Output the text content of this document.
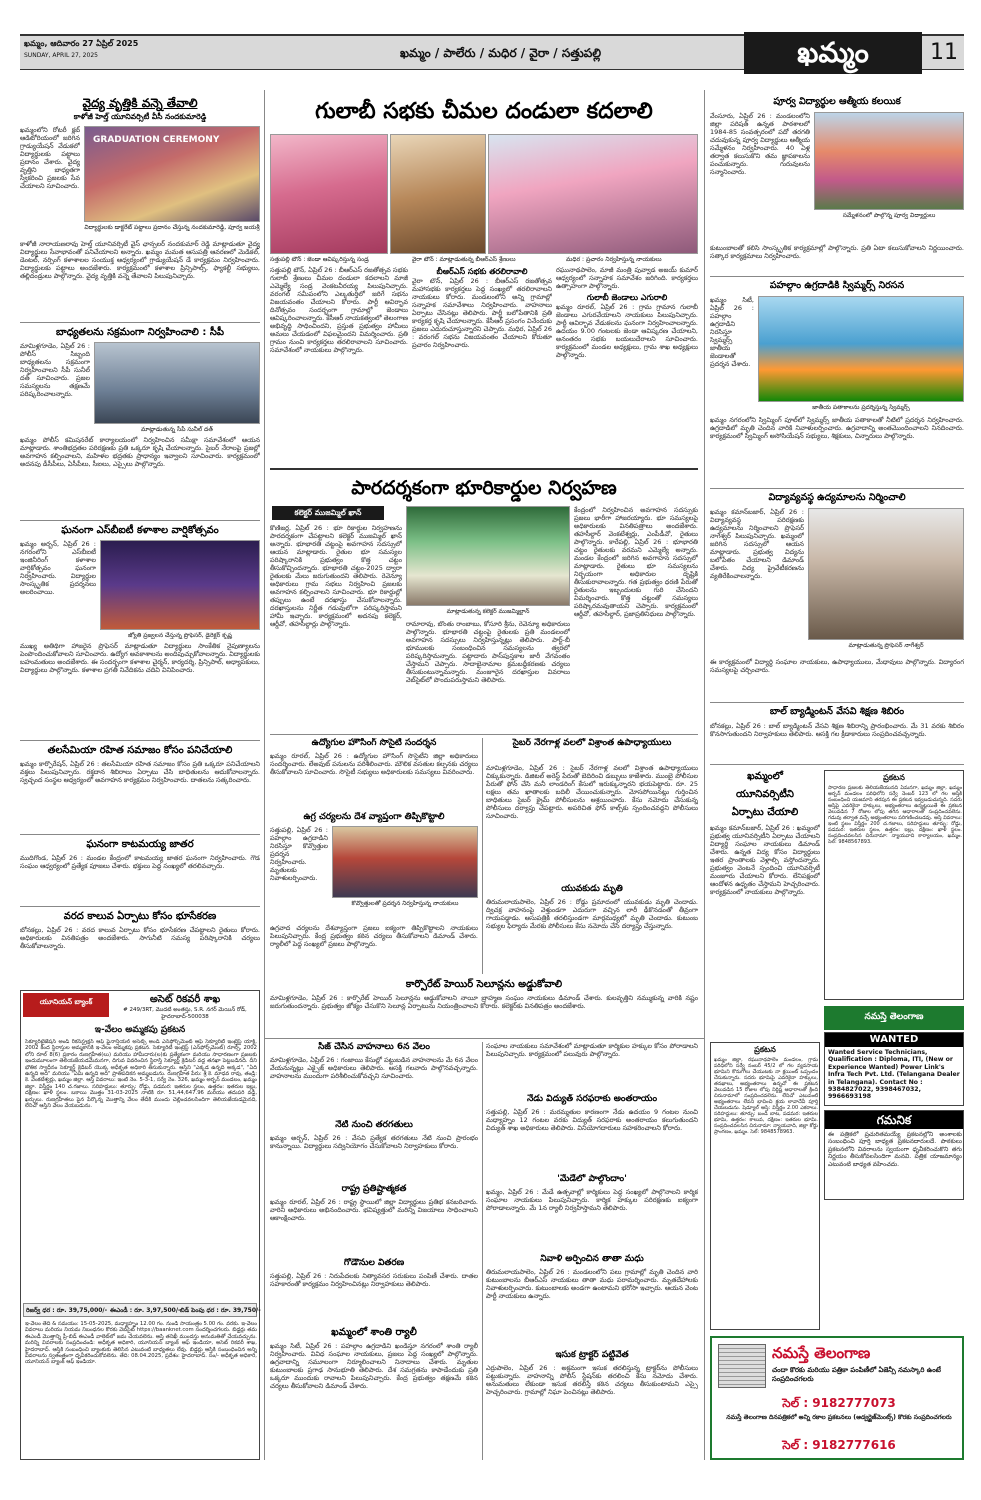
ఖమ్మం, ఆదివారం 27 ఏప్రిల్ 2025
SUNDAY, APRIL 27, 2025	ఖమ్మం / పాలేరు / మధిర / వైరా / సత్తుపల్లి	ఖమ్మం	11
వైద్య వృత్తికి వన్నె తేవాలి
కాళోజీ హెల్త్ యూనివర్సిటీ వీసీ నందకుమారెడ్డి
ఖమ్మంలోని రోటరీ క్లబ్ ఆడిటోరియంలో జరిగిన గ్రాడ్యుయేషన్ వేడుకలో విద్యార్థులకు పట్టాలు ప్రదానం చేశారు. వైద్య వృత్తిని బాధ్యతగా స్వీకరించి ప్రజలకు సేవ చేయాలని సూచించారు.
GRADUATION CEREMONY
విద్యార్థులకు డాక్టరేట్ పట్టాలు ప్రదానం చేస్తున్న నందకుమారెడ్డి, పూర్వ జయశ్రీ
కాళోజీ నారాయణరావు హెల్త్ యూనివర్సిటీ వైస్ ఛాన్సలర్ నందకుమార్ రెడ్డి మాట్లాడుతూ వైద్య విద్యార్థులు సేవాభావంతో పనిచేయాలని అన్నారు. ఖమ్మం మమత ఆసుపత్రి ఆవరణలో మెడికల్, డెంటల్, నర్సింగ్ కళాశాలల సంయుక్త ఆధ్వర్యంలో గ్రాడ్యుయేషన్ డే కార్యక్రమం నిర్వహించారు. విద్యార్థులకు పట్టాలు అందజేశారు. కార్యక్రమంలో కళాశాల ప్రిన్సిపాల్స్, ఫ్యాకల్టీ సభ్యులు, తల్లిదండ్రులు పాల్గొన్నారు. వైద్య వృత్తికి వన్నె తేవాలని పిలుపునిచ్చారు.
బాధ్యతలను సక్రమంగా నిర్వహించాలి : సీపీ
మామిళ్లగూడెం, ఏప్రిల్ 26 : పోలీస్ సిబ్బంది బాధ్యతలను సక్రమంగా నిర్వహించాలని సీపీ సునీల్ దత్ సూచించారు. ప్రజల సమస్యలను తక్షణమే పరిష్కరించాలన్నారు.
మాట్లాడుతున్న సీపీ సునీల్ దత్
ఖమ్మం పోలీస్ కమిషనరేట్ కార్యాలయంలో నిర్వహించిన సమీక్షా సమావేశంలో ఆయన మాట్లాడారు. శాంతిభద్రతల పరిరక్షణకు ప్రతి ఒక్కరూ కృషి చేయాలన్నారు. సైబర్ నేరాలపై ప్రజల్లో అవగాహన కల్పించాలని, మహిళల భద్రతకు ప్రాధాన్యం ఇవ్వాలని సూచించారు. కార్యక్రమంలో అదనపు డీసీపీలు, ఏసీపీలు, సీఐలు, ఎస్సైలు పాల్గొన్నారు.
ఘనంగా ఎస్‌బీఐటీ కళాశాల వార్షికోత్సవం
ఖమ్మం అర్బన్, ఏప్రిల్ 26 : నగరంలోని ఎస్‌బీఐటీ ఇంజినీరింగ్ కళాశాల వార్షికోత్సవం ఘనంగా నిర్వహించారు. విద్యార్థుల సాంస్కృతిక ప్రదర్శనలు అలరించాయి.
జ్యోతి ప్రజ్వలన చేస్తున్న ప్రొఫెసర్, డైరెక్టర్ కృష్ణ
ముఖ్య అతిథిగా హాజరైన ప్రొఫెసర్ మాట్లాడుతూ విద్యార్థులు సాంకేతిక నైపుణ్యాలను పెంపొందించుకోవాలని సూచించారు. ఉద్యోగ అవకాశాలను అందిపుచ్చుకోవాలన్నారు. విద్యార్థులకు బహుమతులు అందజేశారు. ఈ సందర్భంగా కళాశాల చైర్మన్, కార్యదర్శి, ప్రిన్సిపాల్, అధ్యాపకులు, విద్యార్థులు పాల్గొన్నారు. కళాశాల ప్రగతి నివేదికను చదివి వినిపించారు.
తలసేమియా రహిత సమాజం కోసం పనిచేయాలి
ఖమ్మం కార్పొరేషన్, ఏప్రిల్ 26 : తలసేమియా రహిత సమాజం కోసం ప్రతి ఒక్కరూ పనిచేయాలని వక్తలు పిలుపునిచ్చారు. రక్తదాన శిబిరాలు ఏర్పాటు చేసి బాధితులను ఆదుకోవాలన్నారు. స్వచ్ఛంద సంస్థల ఆధ్వర్యంలో అవగాహన కార్యక్రమం నిర్వహించారు. దాతలను సత్కరించారు.
ఘనంగా కాటమయ్య జాతర
ముదిగొండ, ఏప్రిల్ 26 : మండల కేంద్రంలో కాటమయ్య జాతర ఘనంగా నిర్వహించారు. గౌడ సంఘం ఆధ్వర్యంలో ప్రత్యేక పూజలు చేశారు. భక్తులు పెద్ద సంఖ్యలో తరలివచ్చారు.
వరద కాలువ ఏర్పాటు కోసం భూసేకరణ
బోనకల్లు, ఏప్రిల్ 26 : వరద కాలువ ఏర్పాటు కోసం భూసేకరణ చేపట్టాలని రైతులు కోరారు. అధికారులకు వినతిపత్రం అందజేశారు. సాగునీటి సమస్య పరిష్కారానికి చర్యలు తీసుకోవాలన్నారు.
యూనియన్ బ్యాంక్	అసెట్ రికవరీ శాఖ
# 249/3RT, మొదటి అంతస్తు, S.R. నగర్ మెయిన్ రోడ్, హైదరాబాద్-500038
ఇ-వేలం అమ్మకపు ప్రకటన
సెక్యూరిటైజేషన్ అండ్ రీకన్‌స్ట్రక్షన్ ఆఫ్ ఫైనాన్షియల్ అసెట్స్ అండ్ ఎన్‌ఫోర్స్‌మెంట్ ఆఫ్ సెక్యూరిటీ ఇంట్రెస్ట్ యాక్ట్, 2002 కింద స్థిరాస్తుల అమ్మకానికి ఇ-వేలం అమ్మకపు ప్రకటన. సెక్యూరిటీ ఇంట్రెస్ట్ (ఎన్‌ఫోర్స్‌మెంట్) రూల్స్, 2002 లోని రూల్ 8(6) ప్రకారం రుణగ్రహీత(లు) మరియు హామీదారు(ల)కు ప్రత్యేకంగా మరియు సాధారణంగా ప్రజలకు ఇందుమూలంగా తెలియజేయడమేమనగా, దిగువ వివరించిన స్థిరాస్తి సెక్యూర్డ్ క్రెడిటర్ వద్ద తనఖా పెట్టబడినది. దీని భౌతిక స్వాధీనం సెక్యూర్డ్ క్రెడిటర్ యొక్క అధీకృత అధికారి తీసుకున్నారు. ఆస్తిని "ఎక్కడ ఉన్నది అక్కడ", "ఏది ఉన్నది అది" మరియు "ఏమి ఉన్నది అది" ప్రాతిపదికన అమ్మబడును. రుణగ్రహీత పేరు: శ్రీ కె. మాధవ రావు, తండ్రి: కె. వెంకటేశ్వర్లు, ఖమ్మం జిల్లా. ఆస్తి వివరాలు: ఇంటి నెం. 5-3-1, సర్వే నెం. 326, ఖమ్మం అర్బన్ మండలం, ఖమ్మం జిల్లా. విస్తీర్ణం 140 చ.గజాలు. సరిహద్దులు: తూర్పు: రోడ్డు, పడమర: ఇతరుల స్థలం, ఉత్తరం: ఇతరుల ఇల్లు, దక్షిణం: ఖాళీ స్థలం. బకాయి మొత్తం 31-03-2025 నాటికి రూ. 51,44,647.96 మరియు తదుపరి వడ్డీ, ఖర్చులు. రుణగ్రహీతలు పైన పేర్కొన్న మొత్తాన్ని వేలం తేదీకి ముందు చెల్లించవలసిందిగా తెలియజేయడమైనది, లేనిచో ఆస్తిని వేలం వేయబడును.
రిజర్వ్ ధర : రూ. 39,75,000/- ఈఎండీ : రూ. 3,97,500/- బిడ్ పెంపు ధర : రూ. 39,750/-
ఇ-వేలం తేది & సమయం: 15-05-2025, మధ్యాహ్నం 12.00 గం. నుండి సాయంత్రం 5.00 గం. వరకు. ఇ-వేలం వివరాలు మరియు నియమ నిబంధనల కొరకు వెబ్‌సైట్ https://baanknet.com సందర్శించగలరు. బిడ్డర్లు తమ ఈఎండీ మొత్తాన్ని ప్రీ-బిడ్ ఈఎండీ వాలెట్‌లో జమ చేయవలెను. ఆస్తి తనిఖీ ముందస్తు అనుమతితో చేయవచ్చును. మరిన్ని వివరాలకు సంప్రదించండి: అధీకృత అధికారి, యూనియన్ బ్యాంక్ ఆఫ్ ఇండియా, అసెట్ రికవరీ శాఖ, హైదరాబాద్. ఆస్తికి సంబంధించి బ్యాంకుకు తెలిసిన ఎటువంటి బాధ్యతలు లేవు. బిడ్డర్లు ఆస్తికి సంబంధించిన అన్ని వివరాలను స్వతంత్రంగా ధృవీకరించుకోవలెను. తేది: 08.04.2025, ప్రదేశం: హైదరాబాద్. సం/- అధీకృత అధికారి, యూనియన్ బ్యాంక్ ఆఫ్ ఇండియా.
గులాబీ సభకు చీమల దండులా కదలాలి
సత్తుపల్లి టౌన్ : జెండా ఆవిష్కరిస్తున్న సండ్ర	వైరా టౌన్ : మాట్లాడుతున్న బీఆర్ఎస్ శ్రేణులు	మధిర : ప్రచారం నిర్వహిస్తున్న నాయకులు
సత్తుపల్లి టౌన్, ఏప్రిల్ 26 : బీఆర్ఎస్ రజతోత్సవ సభకు గులాబీ శ్రేణులు చీమల దండులా కదలాలని మాజీ ఎమ్మెల్యే సండ్ర వెంకటవీరయ్య పిలుపునిచ్చారు. వరంగల్ సమీపంలోని ఎల్కతుర్తిలో జరిగే సభను విజయవంతం చేయాలని కోరారు. పార్టీ ఆవిర్భావ దినోత్సవం సందర్భంగా గ్రామాల్లో జెండాలు ఆవిష్కరించాలన్నారు. కేసీఆర్ నాయకత్వంలో తెలంగాణ అభివృద్ధి సాధించిందని, ప్రస్తుత ప్రభుత్వం హామీలు అమలు చేయడంలో విఫలమైందని విమర్శించారు. ప్రతి గ్రామం నుంచి కార్యకర్తలు తరలిరావాలని సూచించారు. సమావేశంలో నాయకులు పాల్గొన్నారు.
బీఆర్ఎస్ సభకు తరలిరావాలి
వైరా టౌన్, ఏప్రిల్ 26 : బీఆర్ఎస్ రజతోత్సవ మహాసభకు కార్యకర్తలు పెద్ద సంఖ్యలో తరలిరావాలని నాయకులు కోరారు. మండలంలోని అన్ని గ్రామాల్లో సన్నాహక సమావేశాలు నిర్వహించారు. వాహనాలు ఏర్పాటు చేసినట్లు తెలిపారు. పార్టీ బలోపేతానికి ప్రతి కార్యకర్త కృషి చేయాలన్నారు. కేసీఆర్ ప్రసంగం వినేందుకు ప్రజలు ఎదురుచూస్తున్నారని చెప్పారు. మధిర, ఏప్రిల్ 26 : వరంగల్ సభను విజయవంతం చేయాలని కోరుతూ ప్రచారం నిర్వహించారు.
రఘునాథపాలెం, మాజీ మంత్రి పువ్వాడ అజయ్ కుమార్ ఆధ్వర్యంలో సన్నాహక సమావేశం జరిగింది. కార్యకర్తలు ఉత్సాహంగా పాల్గొన్నారు.
గులాబీ జెండాలు ఎగురాలి
ఖమ్మం రూరల్, ఏప్రిల్ 26 : గ్రామ గ్రామాన గులాబీ జెండాలు ఎగురవేయాలని నాయకులు పిలుపునిచ్చారు. పార్టీ ఆవిర్భావ వేడుకలను ఘనంగా నిర్వహించాలన్నారు. ఉదయం 9.00 గంటలకు జెండా ఆవిష్కరణ చేయాలని, అనంతరం సభకు బయలుదేరాలని సూచించారు. కార్యక్రమంలో మండల అధ్యక్షులు, గ్రామ శాఖ అధ్యక్షులు పాల్గొన్నారు.
పారదర్శకంగా భూరికార్డుల నిర్వహణ
కలెక్టర్ ముజమ్మిల్ ఖాన్
కొణిజర్ల, ఏప్రిల్ 26 : భూ రికార్డుల నిర్వహణను పారదర్శకంగా చేపట్టాలని కలెక్టర్ ముజమ్మిల్ ఖాన్ అన్నారు. భూభారతి చట్టంపై అవగాహన సదస్సులో ఆయన మాట్లాడారు. రైతుల భూ సమస్యల పరిష్కారానికి ప్రభుత్వం కొత్త చట్టం తీసుకొచ్చిందన్నారు. భూభారతి చట్టం-2025 ద్వారా రైతులకు మేలు జరుగుతుందని తెలిపారు. రెవెన్యూ అధికారులు గ్రామ సభలు నిర్వహించి ప్రజలకు అవగాహన కల్పించాలని సూచించారు. భూ రికార్డుల్లో తప్పులు ఉంటే దరఖాస్తు చేసుకోవాలన్నారు. దరఖాస్తులను నిర్ణీత గడువులోగా పరిష్కరిస్తామని హామీ ఇచ్చారు. కార్యక్రమంలో అదనపు కలెక్టర్, ఆర్డీవో, తహసీల్దార్లు పాల్గొన్నారు.
మాట్లాడుతున్న కలెక్టర్ ముజమ్మిల్ఖాన్
రామారావు, బొంతు రాంబాబు, కోసూరి శ్రీను, రెవెన్యూ అధికారులు పాల్గొన్నారు. భూభారతి చట్టంపై రైతులకు ప్రతి మండలంలో అవగాహన సదస్సులు నిర్వహిస్తున్నట్లు తెలిపారు. పార్ట్-బీ భూములకు సంబంధించిన సమస్యలను త్వరలో పరిష్కరిస్తామన్నారు. పట్టాదారు పాస్‌పుస్తకాల జారీ వేగవంతం చేస్తామని చెప్పారు. సాదాబైనామాల క్రమబద్ధీకరణకు చర్యలు తీసుకుంటున్నామన్నారు. మంజూరైన దరఖాస్తుల వివరాలు వెబ్‌సైట్‌లో పొందుపరుస్తామని తెలిపారు.
కేంద్రంలో నిర్వహించిన అవగాహన సదస్సుకు ప్రజలు భారీగా హాజరయ్యారు. భూ సమస్యలపై అధికారులకు వినతిపత్రాలు అందజేశారు. తహసీల్దార్ వెంకటేశ్వర్లు, ఎంపీడీవో, రైతులు పాల్గొన్నారు. కారేపల్లి, ఏప్రిల్ 26 : భూభారతి చట్టం రైతులకు వరమని ఎమ్మెల్యే అన్నారు. మండల కేంద్రంలో జరిగిన అవగాహన సదస్సులో మాట్లాడారు. రైతులు భూ సమస్యలను నిర్భయంగా అధికారుల దృష్టికి తీసుకురావాలన్నారు. గత ప్రభుత్వం ధరణి పేరుతో రైతులను ఇబ్బందులకు గురి చేసిందని విమర్శించారు. కొత్త చట్టంతో సమస్యలు పరిష్కారమవుతాయని చెప్పారు. కార్యక్రమంలో ఆర్డీవో, తహసీల్దార్, ప్రజాప్రతినిధులు పాల్గొన్నారు.
ఉద్యోగుల హౌసింగ్ సొసైటీ సందర్శన
ఖమ్మం రూరల్, ఏప్రిల్ 26 : ఉద్యోగుల హౌసింగ్ సొసైటీని జిల్లా అధికారులు సందర్శించారు. లేఅవుట్ పనులను పరిశీలించారు. మౌలిక వసతుల కల్పనకు చర్యలు తీసుకోవాలని సూచించారు. సొసైటీ సభ్యులు అధికారులకు సమస్యలు వివరించారు.
ఉగ్ర చర్యలను దేశ వ్యాప్తంగా తిప్పికొట్టాలి
సత్తుపల్లి, ఏప్రిల్ 26 : పహల్గాం ఉగ్రదాడిని నిరసిస్తూ కొవ్వొత్తుల ప్రదర్శన నిర్వహించారు. మృతులకు నివాళులర్పించారు.
కొవ్వొత్తులతో ప్రదర్శన నిర్వహిస్తున్న నాయకులు
ఉగ్రవాద చర్యలను దేశవ్యాప్తంగా ప్రజలు ఐక్యంగా తిప్పికొట్టాలని నాయకులు పిలుపునిచ్చారు. కేంద్ర ప్రభుత్వం కఠిన చర్యలు తీసుకోవాలని డిమాండ్ చేశారు. ర్యాలీలో పెద్ద సంఖ్యలో ప్రజలు పాల్గొన్నారు.
కార్పొరేట్ హెయిర్ సెలూన్లను అడ్డుకోవాలి
మామిళ్లగూడెం, ఏప్రిల్ 26 : కార్పొరేట్ హెయిర్ సెలూన్లను అడ్డుకోవాలని నాయీ బ్రాహ్మణ సంఘం నాయకులు డిమాండ్ చేశారు. కులవృత్తిని నమ్ముకున్న వారికి నష్టం జరుగుతుందన్నారు. ప్రభుత్వం జోక్యం చేసుకొని సెలూన్ల ఏర్పాటును నియంత్రించాలని కోరారు. కలెక్టర్‌కు వినతిపత్రం అందజేశారు.
సైబర్ నేరగాళ్ల వలలో విశ్రాంత ఉపాధ్యాయులు
మామిళ్లగూడెం, ఏప్రిల్ 26 : సైబర్ నేరగాళ్ల వలలో విశ్రాంత ఉపాధ్యాయులు చిక్కుకున్నారు. డిజిటల్ అరెస్ట్ పేరుతో బెదిరించి డబ్బులు కాజేశారు. ముంబై పోలీసుల పేరుతో ఫోన్ చేసి మనీ లాండరింగ్ కేసులో ఇరుక్కున్నారని భయపెట్టారు. రూ. 25 లక్షలు తమ ఖాతాలకు బదిలీ చేయించుకున్నారు. మోసపోయినట్లు గుర్తించిన బాధితులు సైబర్ క్రైమ్ పోలీసులను ఆశ్రయించారు. కేసు నమోదు చేసుకున్న పోలీసులు దర్యాప్తు చేపట్టారు. అపరిచిత ఫోన్ కాల్స్‌కు స్పందించవద్దని పోలీసులు సూచించారు.
యువకుడు మృతి
తిరుమలాయపాలెం, ఏప్రిల్ 26 : రోడ్డు ప్రమాదంలో యువకుడు మృతి చెందాడు. ద్విచక్ర వాహనంపై వెళ్తుండగా ఎదురుగా వచ్చిన లారీ ఢీకొనడంతో తీవ్రంగా గాయపడ్డాడు. ఆసుపత్రికి తరలిస్తుండగా మార్గమధ్యలో మృతి చెందాడు. కుటుంబ సభ్యుల ఫిర్యాదు మేరకు పోలీసులు కేసు నమోదు చేసి దర్యాప్తు చేస్తున్నారు.
సీజ్ చేసిన వాహనాలు 6న వేలం
మామిళ్లగూడెం, ఏప్రిల్ 26 : గంజాయి కేసుల్లో పట్టుబడిన వాహనాలను మే 6న వేలం వేయనున్నట్లు ఎక్సైజ్ అధికారులు తెలిపారు. ఆసక్తి గలవారు పాల్గొనవచ్చన్నారు. వాహనాలను ముందుగా పరిశీలించుకోవచ్చని సూచించారు.
నేటి నుంచి తరగతులు
ఖమ్మం అర్బన్, ఏప్రిల్ 26 : వేసవి ప్రత్యేక తరగతులు నేటి నుంచి ప్రారంభం కానున్నాయి. విద్యార్థులు సద్వినియోగం చేసుకోవాలని నిర్వాహకులు కోరారు.
రాష్ట్ర ప్రతిష్టాత్మకత
ఖమ్మం రూరల్, ఏప్రిల్ 26 : రాష్ట్ర స్థాయిలో జిల్లా విద్యార్థులు ప్రతిభ కనబరిచారు. వారిని అధికారులు అభినందించారు. భవిష్యత్తులో మరిన్ని విజయాలు సాధించాలని ఆకాంక్షించారు.
గోడౌనుల వితరణ
సత్తుపల్లి, ఏప్రిల్ 26 : నిరుపేదలకు నిత్యావసర సరుకులు పంపిణీ చేశారు. దాతల సహకారంతో కార్యక్రమం నిర్వహించినట్లు నిర్వాహకులు తెలిపారు.
ఖమ్మంలో శాంతి ర్యాలీ
ఖమ్మం సిటీ, ఏప్రిల్ 26 : పహల్గాం ఉగ్రదాడిని ఖండిస్తూ నగరంలో శాంతి ర్యాలీ నిర్వహించారు. వివిధ సంఘాల నాయకులు, ప్రజలు పెద్ద సంఖ్యలో పాల్గొన్నారు. ఉగ్రవాదాన్ని సమూలంగా నిర్మూలించాలని నినాదాలు చేశారు. మృతుల కుటుంబాలకు ప్రగాఢ సానుభూతి తెలిపారు. దేశ సమగ్రతను కాపాడేందుకు ప్రతి ఒక్కరూ ముందుకు రావాలని పిలుపునిచ్చారు. కేంద్ర ప్రభుత్వం తక్షణమే కఠిన చర్యలు తీసుకోవాలని డిమాండ్ చేశారు.
సంఘాల నాయకులు సమావేశంలో మాట్లాడుతూ కార్మికుల హక్కుల కోసం పోరాడాలని పిలుపునిచ్చారు. కార్యక్రమంలో పలువురు పాల్గొన్నారు.
నేడు విద్యుత్ సరఫరాకు అంతరాయం
సత్తుపల్లి, ఏప్రిల్ 26 : మరమ్మతుల కారణంగా నేడు ఉదయం 9 గంటల నుంచి మధ్యాహ్నం 12 గంటల వరకు విద్యుత్ సరఫరాకు అంతరాయం కలుగుతుందని విద్యుత్ శాఖ అధికారులు తెలిపారు. వినియోగదారులు సహకరించాలని కోరారు.
'మేడేలో పాల్గొందాం'
ఖమ్మం, ఏప్రిల్ 26 : మేడే ఉత్సవాల్లో కార్మికులు పెద్ద సంఖ్యలో పాల్గొనాలని కార్మిక సంఘాల నాయకులు పిలుపునిచ్చారు. కార్మిక హక్కుల పరిరక్షణకు ఐక్యంగా పోరాడాలన్నారు. మే 1న ర్యాలీ నిర్వహిస్తామని తెలిపారు.
నివాళి అర్పించిన తాతా మధు
తిరుమలాయపాలెం, ఏప్రిల్ 26 : మండలంలోని పలు గ్రామాల్లో మృతి చెందిన వారి కుటుంబాలను బీఆర్ఎస్ నాయకులు తాతా మధు పరామర్శించారు. మృతదేహాలకు నివాళులర్పించారు. కుటుంబాలకు అండగా ఉంటామని భరోసా ఇచ్చారు. ఆయన వెంట పార్టీ నాయకులు ఉన్నారు.
ఇసుక ట్రాక్టర్ పట్టివేత
ఎర్రుపాలెం, ఏప్రిల్ 26 : అక్రమంగా ఇసుక తరలిస్తున్న ట్రాక్టర్‌ను పోలీసులు పట్టుకున్నారు. వాహనాన్ని పోలీస్ స్టేషన్‌కు తరలించి కేసు నమోదు చేశారు. అనుమతులు లేకుండా ఇసుక తరలిస్తే కఠిన చర్యలు తీసుకుంటామని ఎస్సై హెచ్చరించారు. గ్రామాల్లో నిఘా పెంచినట్లు తెలిపారు.
పూర్వ విద్యార్థుల ఆత్మీయ కలయిక
వేంసూరు, ఏప్రిల్ 26 : మండలంలోని జిల్లా పరిషత్ ఉన్నత పాఠశాలలో 1984-85 సంవత్సరంలో పదో తరగతి చదువుకున్న పూర్వ విద్యార్థులు ఆత్మీయ సమ్మేళనం నిర్వహించారు. 40 ఏళ్ల తర్వాత కలుసుకొని తమ జ్ఞాపకాలను పంచుకున్నారు. గురువులను సన్మానించారు.
సమ్మేళనంలో పాల్గొన్న పూర్వ విద్యార్థులు
కుటుంబాలతో కలిసి సాంస్కృతిక కార్యక్రమాల్లో పాల్గొన్నారు. ప్రతి ఏటా కలుసుకోవాలని నిర్ణయించారు. సత్కార కార్యక్రమాలు నిర్వహించారు.
పహల్గాం ఉగ్రదాడికి స్విమ్మర్స్ నిరసన
ఖమ్మం సిటీ, ఏప్రిల్ 26 : పహల్గాం ఉగ్రదాడిని నిరసిస్తూ స్విమ్మర్స్ జాతీయ జెండాలతో ప్రదర్శన చేశారు.
జాతీయ పతాకాలను ప్రదర్శిస్తున్న స్విమ్మర్స్
ఖమ్మం నగరంలోని స్విమ్మింగ్ పూల్‌లో స్విమ్మర్స్ జాతీయ పతాకాలతో నీటిలో ప్రదర్శన నిర్వహించారు. ఉగ్రదాడిలో మృతి చెందిన వారికి నివాళులర్పించారు. ఉగ్రవాదాన్ని అంతమొందించాలని నినదించారు. కార్యక్రమంలో స్విమ్మింగ్ అసోసియేషన్ సభ్యులు, శిక్షకులు, చిన్నారులు పాల్గొన్నారు.
విద్యావ్యవస్థ ఉద్యమాలను నిర్మించాలి
ఖమ్మం కమాన్‌బజార్, ఏప్రిల్ 26 : విద్యావ్యవస్థ పరిరక్షణకు ఉద్యమాలను నిర్మించాలని ప్రొఫెసర్ నాగేశ్వర్ పిలుపునిచ్చారు. ఖమ్మంలో జరిగిన సదస్సులో ఆయన మాట్లాడారు. ప్రభుత్వ విద్యను బలోపేతం చేయాలని డిమాండ్ చేశారు. విద్య ప్రైవేటీకరణను వ్యతిరేకించాలన్నారు.
మాట్లాడుతున్న ప్రొఫెసర్ నాగేశ్వర్
ఈ కార్యక్రమంలో విద్యార్థి సంఘాల నాయకులు, ఉపాధ్యాయులు, మేధావులు పాల్గొన్నారు. విద్యారంగ సమస్యలపై చర్చించారు.
బాల్ బ్యాడ్మింటన్ వేసవి శిక్షణ శిబిరం
బోనకల్లు, ఏప్రిల్ 26 : బాల్ బ్యాడ్మింటన్ వేసవి శిక్షణ శిబిరాన్ని ప్రారంభించారు. మే 31 వరకు శిబిరం కొనసాగుతుందని నిర్వాహకులు తెలిపారు. ఆసక్తి గల క్రీడాకారులు సంప్రదించవచ్చన్నారు.
ఖమ్మంలో
యూనివర్సిటీని
ఏర్పాటు చేయాలి
ఖమ్మం కమాన్‌బజార్, ఏప్రిల్ 26 : ఖమ్మంలో ప్రభుత్వ యూనివర్సిటీని ఏర్పాటు చేయాలని విద్యార్థి సంఘాల నాయకులు డిమాండ్ చేశారు. ఉన్నత విద్య కోసం విద్యార్థులు ఇతర ప్రాంతాలకు వెళ్లాల్సి వస్తోందన్నారు. ప్రభుత్వం వెంటనే స్పందించి యూనివర్సిటీ మంజూరు చేయాలని కోరారు. లేనిపక్షంలో ఆందోళన ఉధృతం చేస్తామని హెచ్చరించారు. కార్యక్రమంలో నాయకులు పాల్గొన్నారు.
ప్రకటన
సాధారణ ప్రజలకు తెలియజేయునది ఏమనగా, ఖమ్మం జిల్లా, ఖమ్మం అర్బన్ మండలం పరిధిలోని సర్వే నెంబర్ 123 లో గల ఆస్తికి సంబంధించి యజమాని తరపున ఈ ప్రకటన ఇవ్వబడుచున్నది. సదరు ఆస్తిపై ఎవరికైనా హక్కులు, అభ్యంతరాలు ఉన్నట్లయితే ఈ ప్రకటన వెలువడిన 7 రోజుల లోపు తగిన ఆధారాలతో సంప్రదించవలెను. గడువు తర్వాత వచ్చే అభ్యంతరాలు పరిగణించబడవు. ఆస్తి వివరాలు: ఇంటి స్థలం విస్తీర్ణం 200 చ.గజాలు, సరిహద్దులు తూర్పు: రోడ్డు, పడమర: ఇతరుల స్థలం, ఉత్తరం: ఇల్లు, దక్షిణం: ఖాళీ స్థలం. సంప్రదించవలసిన చిరునామా: న్యాయవాది కార్యాలయం, ఖమ్మం. సెల్: 9848567893.
నమస్తే తెలంగాణ
WANTED
Wanted Service Technicians, Qualification : Diploma, ITI, (New or Experience Wanted) Power Link's Infra Tech Pvt. Ltd. (Telangana Dealer in Telangana). Contact No : 9384827022, 9398467032, 9966693198
ప్రకటన
ఖమ్మం జిల్లా, రఘునాథపాలెం మండలం, గ్రామ పరిధిలోని సర్వే నంబర్ 45/2 లో గల వ్యవసాయ భూమిని కొనుగోలు చేయుటకు నా క్లయింట్ ఒప్పందం చేసుకున్నారు. సదరు భూమిపై ఎవరికైనా హక్కులు, తనఖాలు, అభ్యంతరాలు ఉన్నచో ఈ ప్రకటన వెలువడిన 15 రోజుల లోపు నిర్దిష్ట ఆధారాలతో క్రింది చిరునామాలో సంప్రదించవలెను. లేనిచో ఎటువంటి అభ్యంతరాలు లేవని భావించి క్రయ లావాదేవీ పూర్తి చేయబడును. షెడ్యూల్ ఆస్తి: విస్తీర్ణం 2.00 ఎకరాలు. సరిహద్దులు: తూర్పు: బండి బాట, పడమర: ఇతరుల భూమి, ఉత్తరం: కాలువ, దక్షిణం: ఇతరుల భూమి. సంప్రదించవలసిన చిరునామా: న్యాయవాది, జిల్లా కోర్టు ప్రాంగణం, ఖమ్మం. సెల్: 9848578963.
గమనిక
ఈ పత్రికలో ప్రచురితమయ్యే ప్రకటనల్లోని అంశాలకు సంబంధించి పూర్తి బాధ్యత ప్రకటనదారులదే. పాఠకులు ప్రకటనలోని వివరాలను స్వయంగా ధృవీకరించుకొని తగు నిర్ణయం తీసుకోవలసిందిగా మనవి. పత్రిక యాజమాన్యం ఎటువంటి బాధ్యత వహించదు.
నమస్తే తెలంగాణ
చందా కొరకు మరియు పత్రికా పంపిణీలో ఏజెన్సీ నమస్కారి ఉంటే సంప్రదించగలరు
సెల్ : 9182777073
నమస్తే తెలంగాణ దినపత్రికలో అన్ని రకాల ప్రకటనలు (అడ్వర్టైజ్‌మెంట్స్) కొరకు సంప్రదించగలరు
సెల్ : 9182777616
